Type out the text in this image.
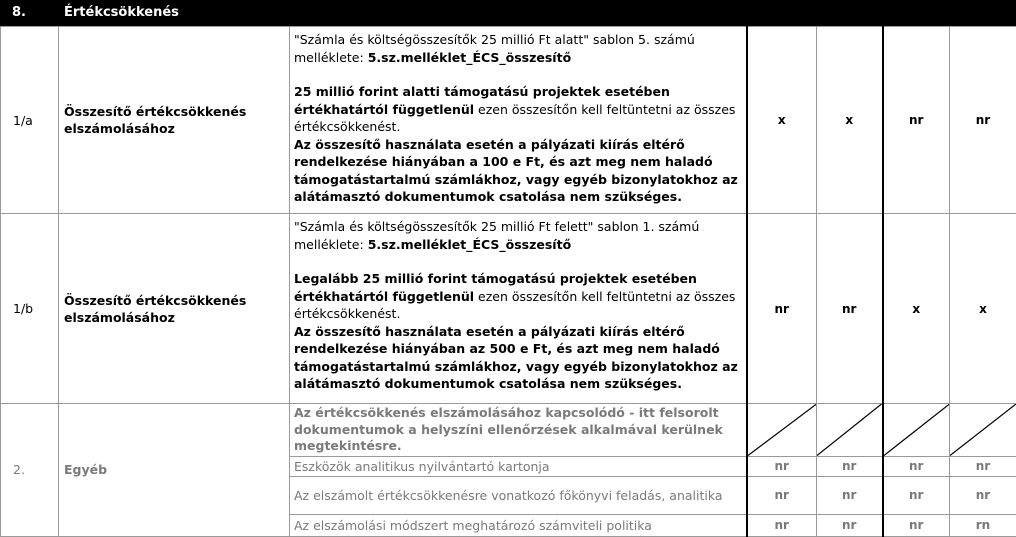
8.	Értékcsökkenés
1/a	Összesítő értékcsökkenés elszámolásához	"Számla és költségösszesítők 25 millió Ft alatt" sablon 5. számú melléklete: 5.sz.melléklet_ÉCS_összesítő

25 millió forint alatti támogatású projektek esetében értékhatártól függetlenül ezen összesítőn kell feltüntetni az összes értékcsökkenést.

Az összesítő használata esetén a pályázati kiírás eltérő rendelkezése hiányában a 100 e Ft, és azt meg nem haladó támogatástartalmú számlákhoz, vagy egyéb bizonylatokhoz az alátámasztó dokumentumok csatolása nem szükséges.	x	x	nr	nr
1/b	Összesítő értékcsökkenés elszámolásához	"Számla és költségösszesítők 25 millió Ft felett" sablon 1. számú melléklete: 5.sz.melléklet_ÉCS_összesítő

Legalább 25 millió forint támogatású projektek esetében értékhatártól függetlenül ezen összesítőn kell feltüntetni az összes értékcsökkenést.

Az összesítő használata esetén a pályázati kiírás eltérő rendelkezése hiányában az 500 e Ft, és azt meg nem haladó támogatástartalmú számlákhoz, vagy egyéb bizonylatokhoz az alátámasztó dokumentumok csatolása nem szükséges.	nr	nr	x	x
2.	Egyéb	Az értékcsökkenés elszámolásához kapcsolódó - itt felsorolt dokumentumok a helyszíni ellenőrzések alkalmával kerülnek megtekintésre.	

		Eszközök analitikus nyilvántartó kartonja	nr	nr	nr	nr
		Az elszámolt értékcsökkenésre vonatkozó főkönyvi feladás, analitika	nr	nr	nr	nr
		Az elszámolási módszert meghatározó számviteli politika	nr	nr	nr	rn
